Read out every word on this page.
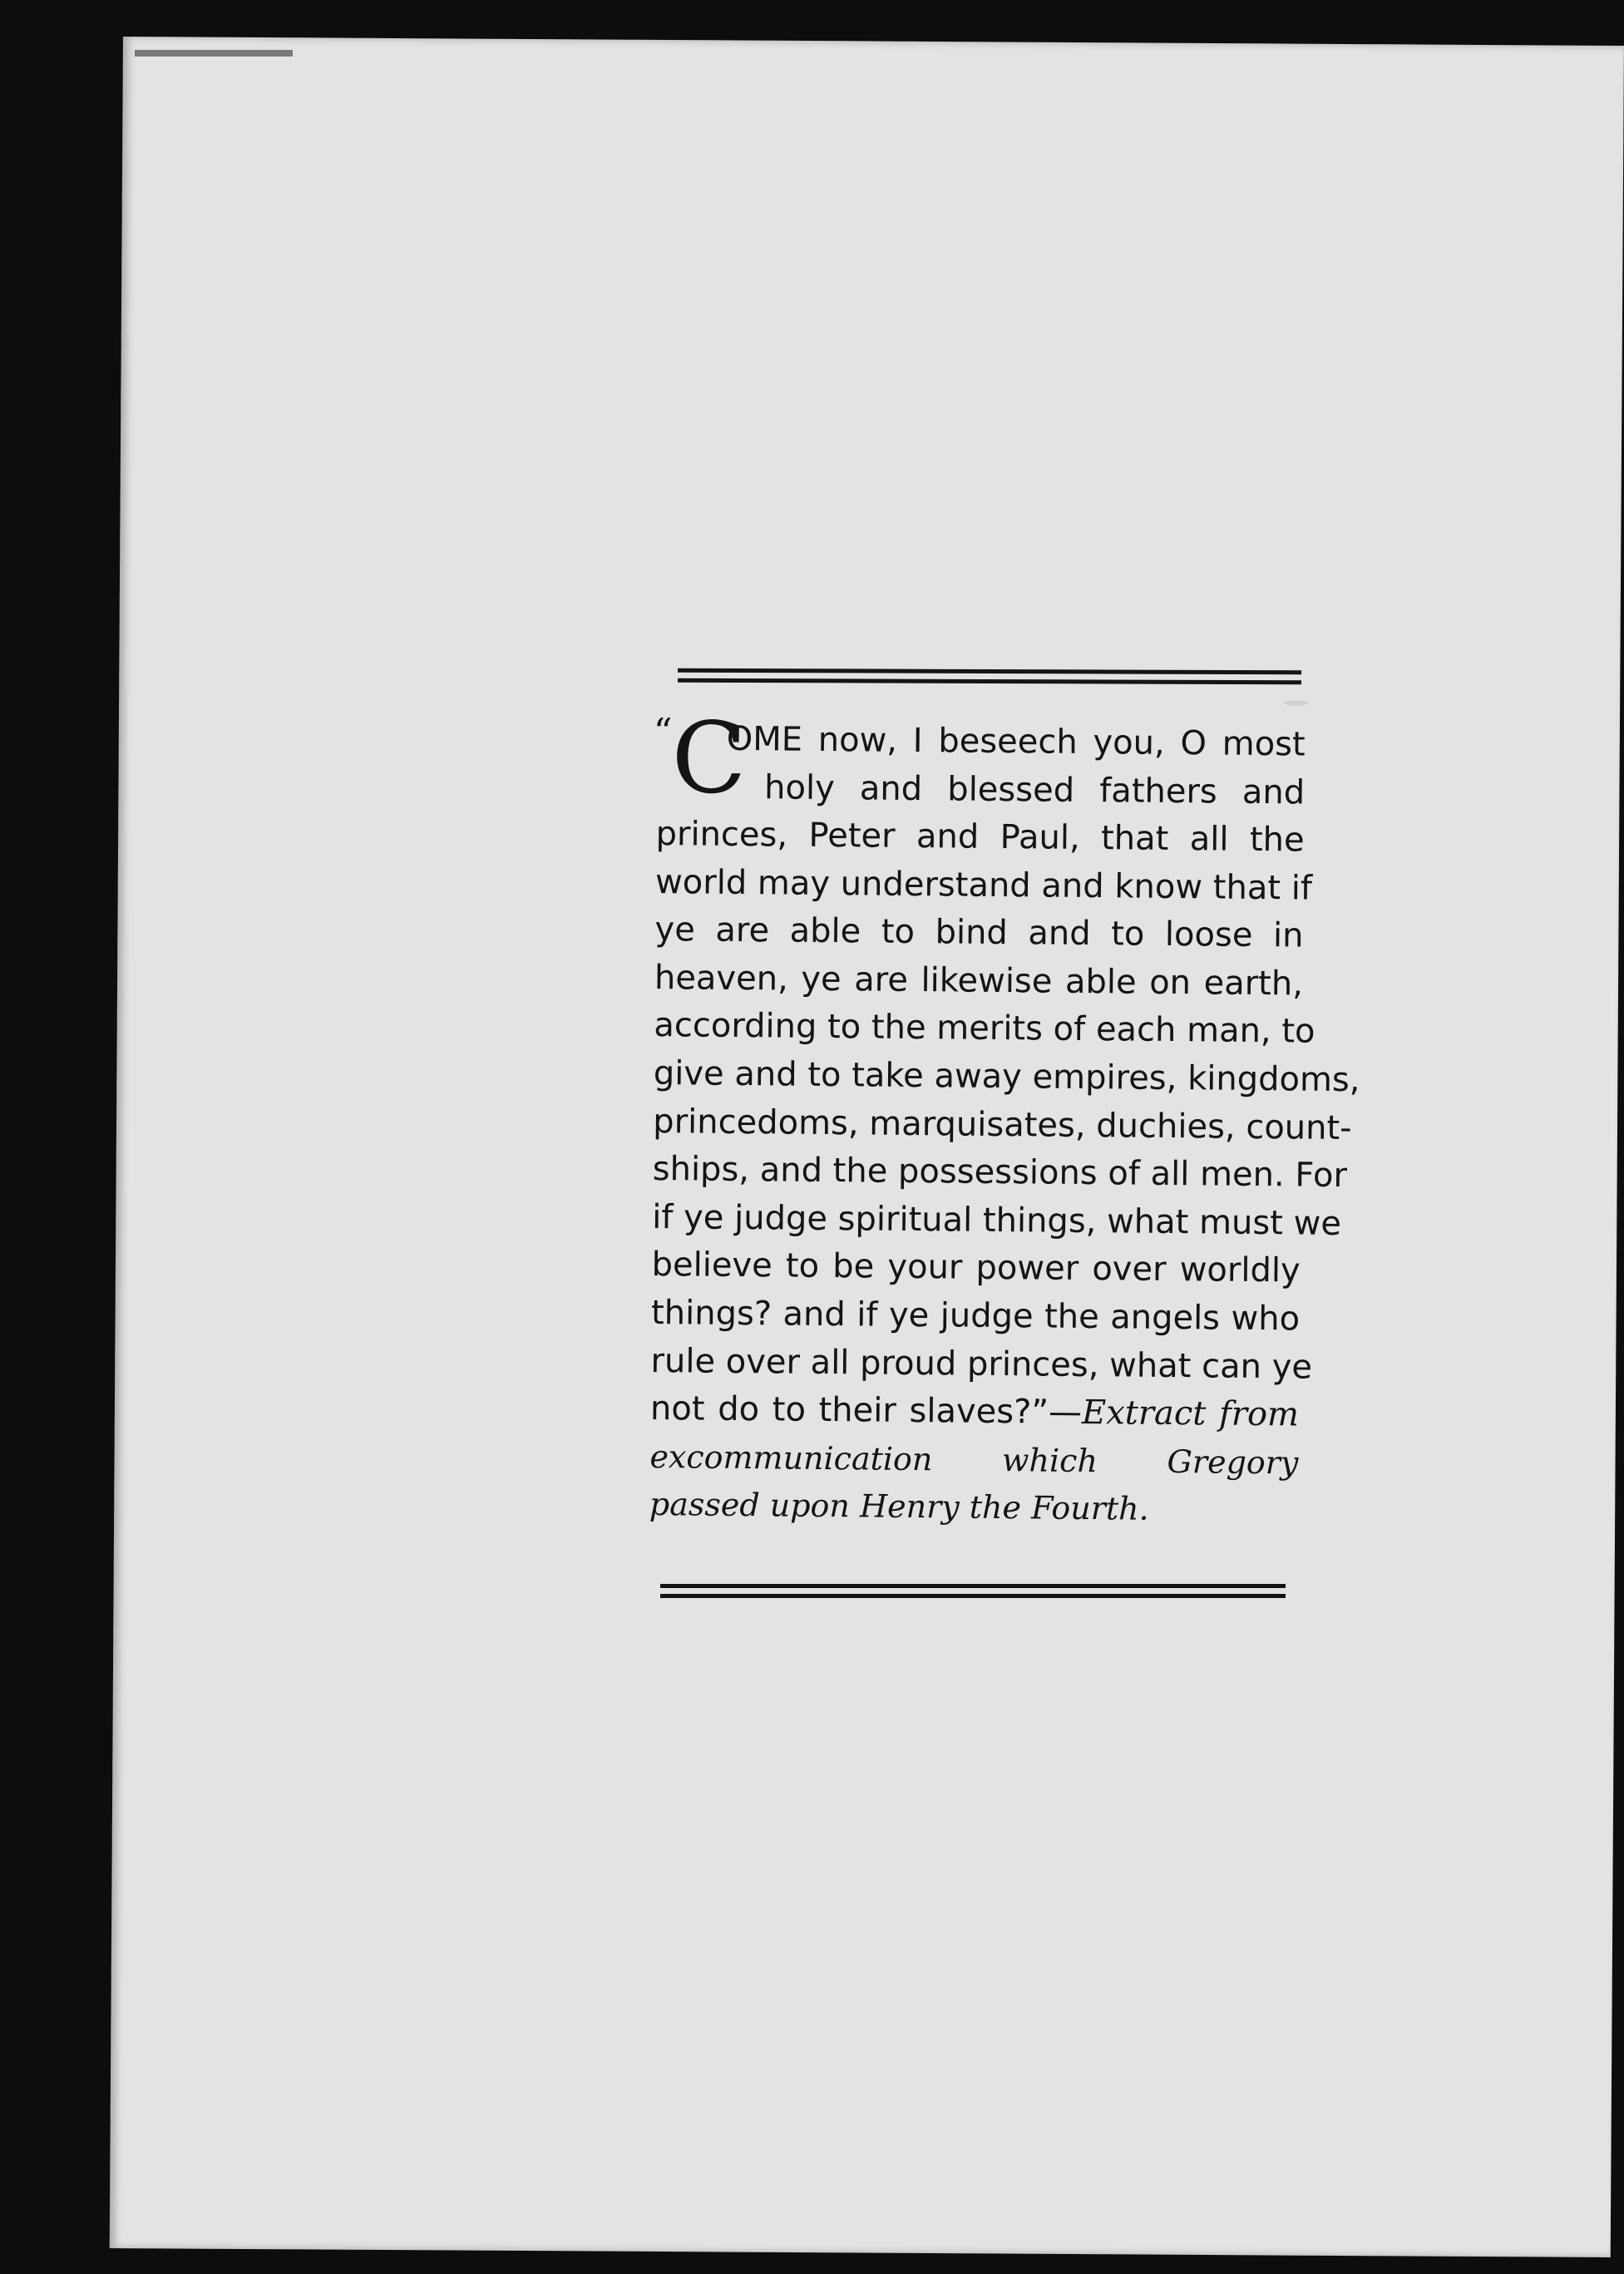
“
C
OME now, I beseech you, O most
holy and blessed fathers and
princes, Peter and Paul, that all the
world may understand and know that if
ye are able to bind and to loose in
heaven, ye are likewise able on earth,
according to the merits of each man, to
give and to take away empires, kingdoms,
princedoms, marquisates, duchies, count-
ships, and the possessions of all men. For
if ye judge spiritual things, what must we
believe to be your power over worldly
things? and if ye judge the angels who
rule over all proud princes, what can ye
not do to their slaves?”—Extract from
excommunication which Gregory
passed upon Henry the Fourth.
